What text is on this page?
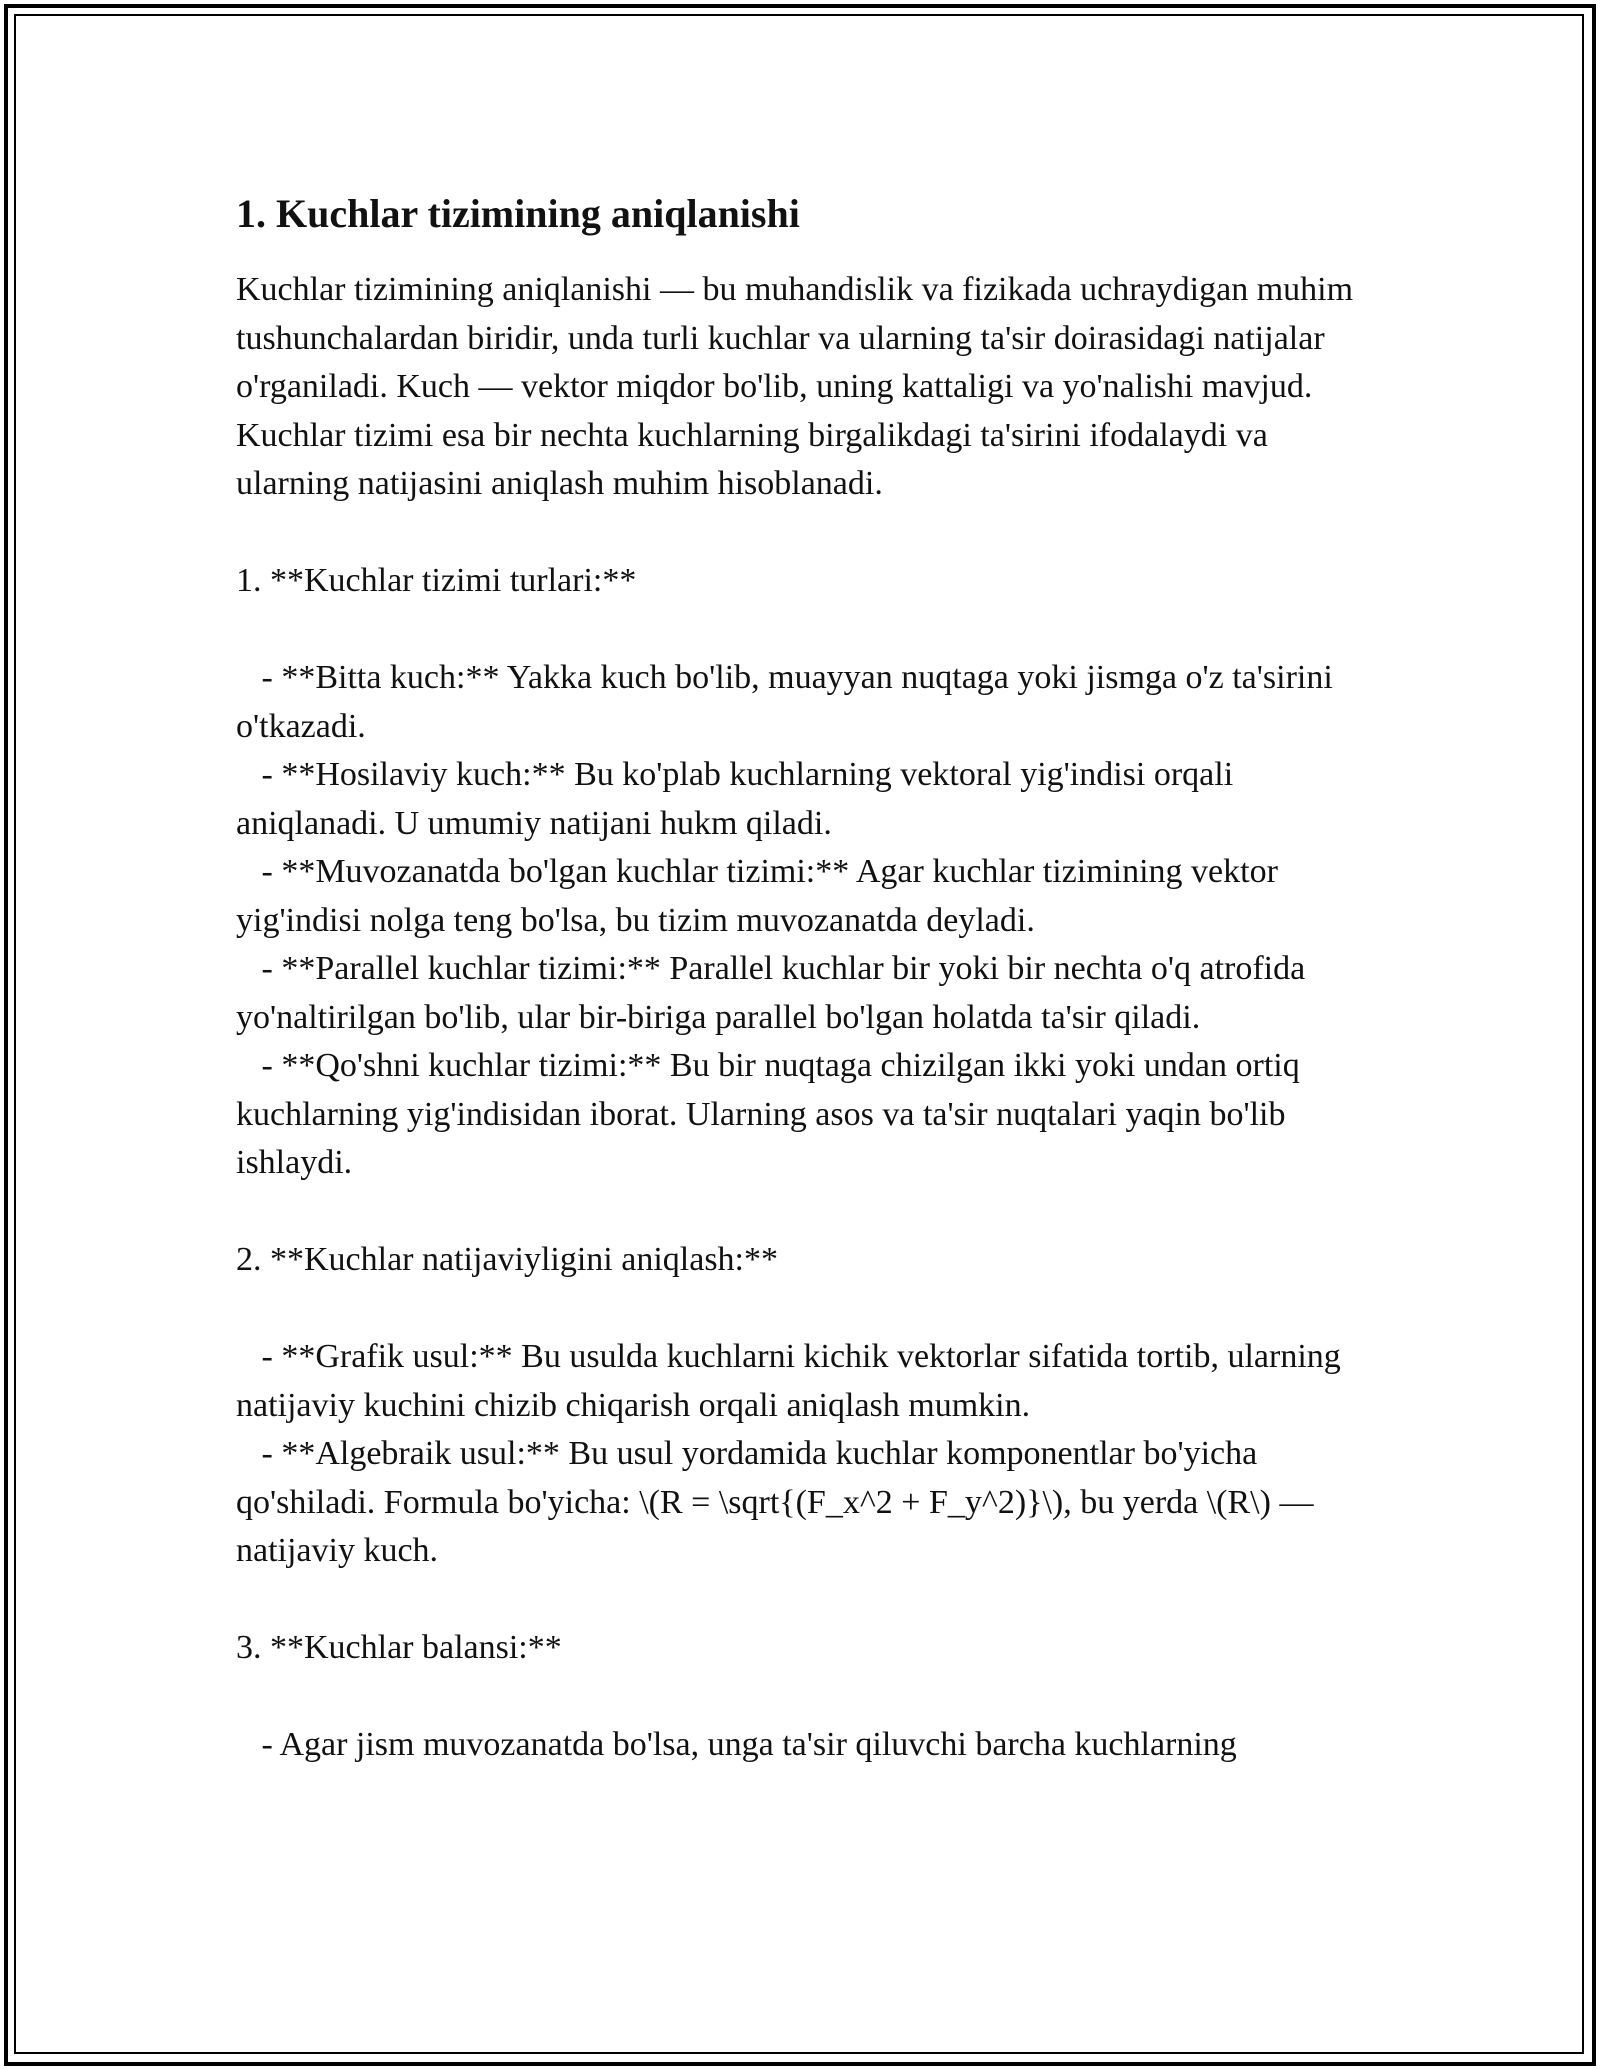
1. Kuchlar tizimining aniqlanishi

Kuchlar tizimining aniqlanishi — bu muhandislik va fizikada uchraydigan muhim tushunchalardan biridir, unda turli kuchlar va ularning ta'sir doirasidagi natijalar o'rganiladi. Kuch — vektor miqdor bo'lib, uning kattaligi va yo'nalishi mavjud. Kuchlar tizimi esa bir nechta kuchlarning birgalikdagi ta'sirini ifodalaydi va ularning natijasini aniqlash muhim hisoblanadi.

1. **Kuchlar tizimi turlari:**

- **Bitta kuch:** Yakka kuch bo'lib, muayyan nuqtaga yoki jismga o'z ta'sirini o'tkazadi.
- **Hosilaviy kuch:** Bu ko'plab kuchlarning vektoral yig'indisi orqali aniqlanadi. U umumiy natijani hukm qiladi.
- **Muvozanatda bo'lgan kuchlar tizimi:** Agar kuchlar tizimining vektor yig'indisi nolga teng bo'lsa, bu tizim muvozanatda deyladi.
- **Parallel kuchlar tizimi:** Parallel kuchlar bir yoki bir nechta o'q atrofida yo'naltirilgan bo'lib, ular bir-biriga parallel bo'lgan holatda ta'sir qiladi.
- **Qo'shni kuchlar tizimi:** Bu bir nuqtaga chizilgan ikki yoki undan ortiq kuchlarning yig'indisidan iborat. Ularning asos va ta'sir nuqtalari yaqin bo'lib ishlaydi.

2. **Kuchlar natijaviyligini aniqlash:**

- **Grafik usul:** Bu usulda kuchlarni kichik vektorlar sifatida tortib, ularning natijaviy kuchini chizib chiqarish orqali aniqlash mumkin.
- **Algebraik usul:** Bu usul yordamida kuchlar komponentlar bo'yicha qo'shiladi. Formula bo'yicha: \(R = \sqrt{(F_x^2 + F_y^2)}\), bu yerda \(R\) — natijaviy kuch.

3. **Kuchlar balansi:**

- Agar jism muvozanatda bo'lsa, unga ta'sir qiluvchi barcha kuchlarning
